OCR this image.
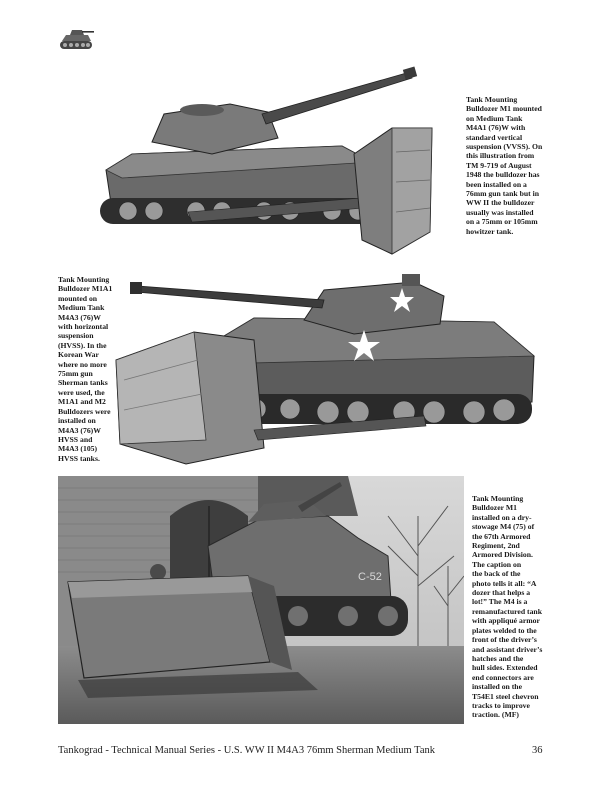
Tank Mounting
Bulldozer M1 mounted
on Medium Tank
M4A1 (76)W with
standard vertical
suspension (VVSS). On
this illustration from
TM 9-719 of August
1948 the bulldozer has
been installed on a
76mm gun tank but in
WW II the bulldozer
usually was installed
on a 75mm or 105mm
howitzer tank.
Tank Mounting
Bulldozer M1A1
mounted on
Medium Tank
M4A3 (76)W
with horizontal
suspension
(HVSS). In the
Korean War
where no more
75mm gun
Sherman tanks
were used, the
M1A1 and M2
Bulldozers were
installed on
M4A3 (76)W
HVSS and
M4A3 (105)
HVSS tanks.
C-52
Tank Mounting
Bulldozer M1
installed on a dry-
stowage M4 (75) of
the 67th Armored
Regiment, 2nd
Armored Division.
The caption on
the back of the
photo tells it all: “A
dozer that helps a
lot!” The M4 is a
remanufactured tank
with appliqué armor
plates welded to the
front of the driver’s
and assistant driver’s
hatches and the
hull sides. Extended
end connectors are
installed on the
T54E1 steel chevron
tracks to improve
traction. (MF)
Tankograd - Technical Manual Series - U.S. WW II M4A3 76mm Sherman Medium Tank	36
